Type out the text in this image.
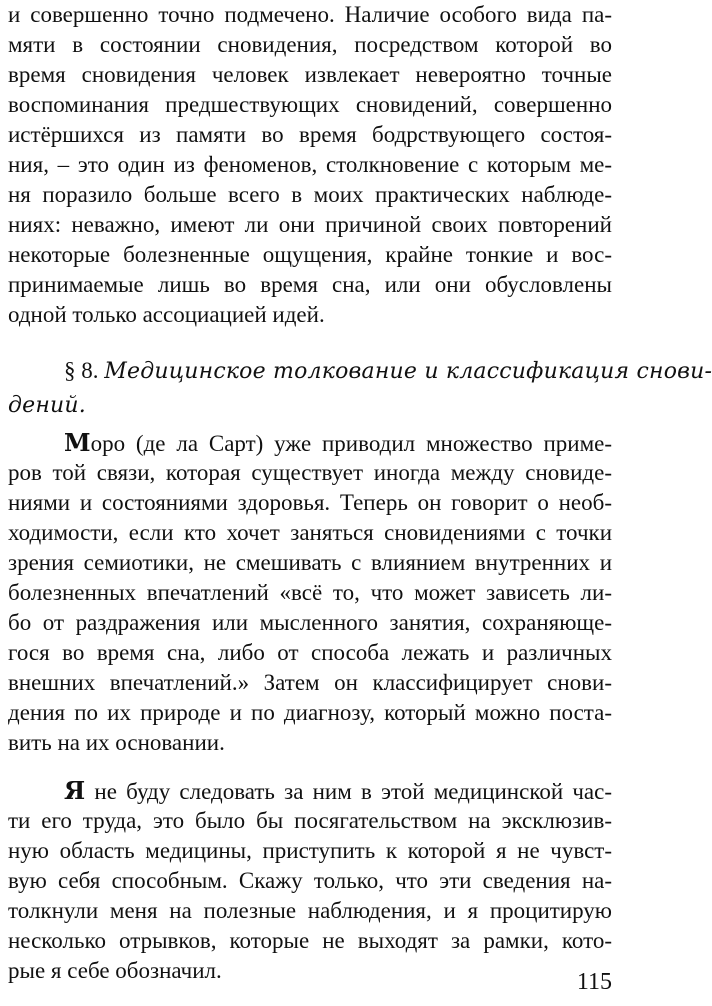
и совершенно точно подмечено. Наличие особого вида па-
мяти в состоянии сновидения, посредством которой во
время сновидения человек извлекает невероятно точные
воспоминания предшествующих сновидений, совершенно
истёршихся из памяти во время бодрствующего состоя-
ния, – это один из феноменов, столкновение с которым ме-
ня поразило больше всего в моих практических наблюде-
ниях: неважно, имеют ли они причиной своих повторений
некоторые болезненные ощущения, крайне тонкие и вос-
принимаемые лишь во время сна, или они обусловлены
одной только ассоциацией идей.
§ 8. Медицинское толкование и классификация снови-
дений.
Моро (де ла Сарт) уже приводил множество приме-
ров той связи, которая существует иногда между сновиде-
ниями и состояниями здоровья. Теперь он говорит о необ-
ходимости, если кто хочет заняться сновидениями с точки
зрения семиотики, не смешивать с влиянием внутренних и
болезненных впечатлений «всё то, что может зависеть ли-
бо от раздражения или мысленного занятия, сохраняюще-
гося во время сна, либо от способа лежать и различных
внешних впечатлений.» Затем он классифицирует снови-
дения по их природе и по диагнозу, который можно поста-
вить на их основании.
Я не буду следовать за ним в этой медицинской час-
ти его труда, это было бы посягательством на эксклюзив-
ную область медицины, приступить к которой я не чувст-
вую себя способным. Скажу только, что эти сведения на-
толкнули меня на полезные наблюдения, и я процитирую
несколько отрывков, которые не выходят за рамки, кото-
рые я себе обозначил.	115
